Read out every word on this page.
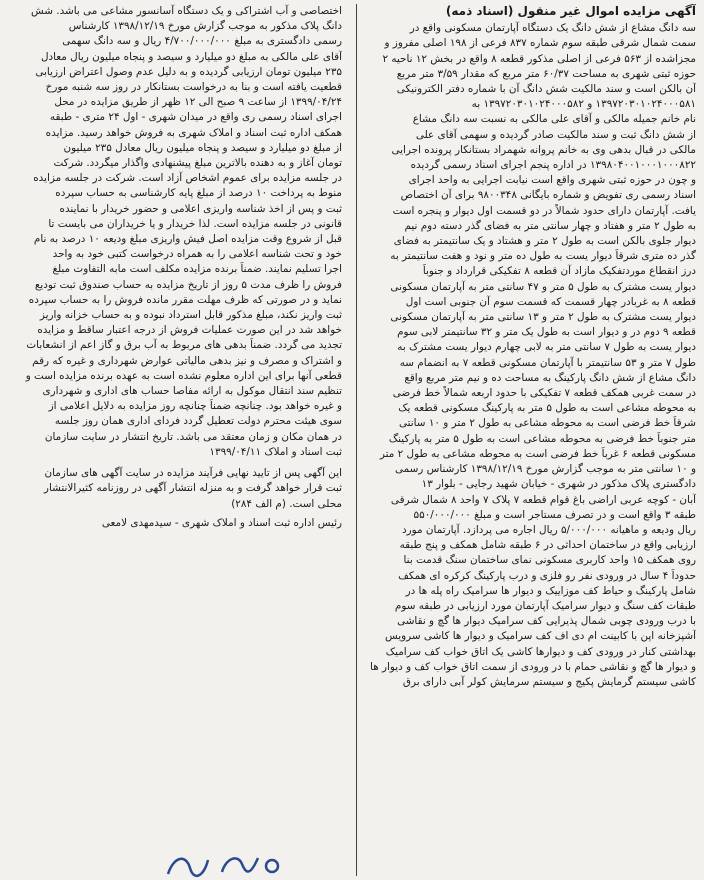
آگهی مزایده اموال غیر منقول (اسناد ذمه)
سه دانگ مشاع از شش دانگ یک دستگاه آپارتمان مسکونی واقع در
سمت شمال شرقی طبقه سوم شماره ۸۳۷ فرعی از ۱۹۸ اصلی مفروز و
مجزاشده از ۵۶۳ فرعی از اصلی مذکور قطعه ۸ واقع در بخش ۱۲ ناحیه ۲
حوزه ثبتی شهری به مساحت ۶۰/۳۷ متر مربع که مقدار ۳/۵۹ متر مربع
آن بالکن است و سند مالکیت شش دانگ آن با شماره دفتر الکترونیکی
۱۳۹۷۲۰۳۰۱۰۲۴۰۰۰۵۸۱ و ۱۳۹۷۲۰۳۰۱۰۲۴۰۰۰۵۸۲ به
نام خانم جمیله مالکی و آقای علی مالکی به نسبت سه دانگ مشاع
از شش دانگ ثبت و سند مالکیت صادر گردیده و سهمی آقای علی
مالکی در قبال بدهی وی به خانم پروانه شهمراد بستانکار پرونده اجرایی
۱۳۹۸۰۴۰۰۱۰۰۰۱۰۰۰۸۲۲ در اداره پنجم اجرای اسناد رسمی گردیده
و چون در حوزه ثبتی شهری واقع است نیابت اجرایی به واحد اجرای
اسناد رسمی ری تفویض و شماره بایگانی ۹۸۰۰۳۴۸ برای آن اختصاص
یافت. آپارتمان دارای حدود شمالاً در دو قسمت اول دیوار و پنجره است
به طول ۲ متر و هفتاد و چهار سانتی متر به فضای گذر دسته دوم نیم
دیوار جلوی بالکن است به طول ۲ متر و هشتاد و یک سانتیمتر به فضای
گذر ده متری شرقاً دیوار یست به طول ده متر و نود و هفت سانتیمتر به
درز انقطاع موردتفکیک مازاد آن قطعه ۸ تفکیکی قرارداد و جنوباً
دیوار یست مشترک به طول ۵ متر و ۴۷ سانتی متر به آپارتمان مسکونی
قطعه ۸ به غربادر چهار قسمت که قسمت سوم آن جنوبی است اول
دیوار یست مشترک به طول ۲ متر و ۱۳ سانتی متر به آپارتمان مسکونی
قطعه ۹ دوم در و دیوار است به طول یک متر و ۳۲ سانتیمتر لابی سوم
دیوار یست به طول ۷ سانتی متر به لابی چهارم دیوار یست مشترک به
طول ۷ متر و ۵۳ سانتیمتر با آپارتمان مسکونی قطعه ۷ به انضمام سه
دانگ مشاع از شش دانگ پارکینگ به مساحت ده و نیم متر مربع واقع
در سمت غربی همکف قطعه ۷ تفکیکی با حدود اربعه شمالاً خط فرضی
به محوطه مشاعی است به طول ۵ متر به پارکینگ مسکونی قطعه یک
شرقاً خط فرضی است به محوطه مشاعی به طول ۲ متر و ۱۰ سانتی
متر جنوباً خط فرضی به محوطه مشاعی است به طول ۵ متر به پارکینگ
مسکونی قطعه ۶ غرباً خط فرضی است به محوطه مشاعی به طول ۲ متر
و ۱۰ سانتی متر به موجب گزارش مورخ ۱۳۹۸/۱۲/۱۹ کارشناس رسمی
دادگستری پلاک مذکور در شهری - خیابان شهید رجایی - بلوار ۱۳
آبان - کوچه عربی اراضی باغ قوام قطعه ۷ پلاک ۷ واحد ۸ شمال شرقی
طبقه ۳ واقع است و در تصرف مستاجر است و مبلغ ۵۵۰/۰۰۰/۰۰۰
ریال ودیعه و ماهیانه ۵/۰۰۰/۰۰۰ ریال اجاره می پردازد. آپارتمان مورد
ارزیابی واقع در ساختمان احداثی در ۶ طبقه شامل همکف و پنج طبقه
روی همکف ۱۵ واحد کاربری مسکونی نمای ساختمان سنگ قدمت بنا
حدوداً ۴ سال در ورودی نفر رو فلزی و درب پارکینگ کرکره ای همکف
شامل پارکینگ و حیاط کف موزاییک و دیوار ها سرامیک راه پله ها در
طبقات کف سنگ و دیوار سرامیک آپارتمان مورد ارزیابی در طبقه سوم
با درب ورودی چوبی شمال پذیرایی کف سرامیک دیوار ها گچ و نقاشی
آشپزخانه اپن با کابینت ام دی اف کف سرامیک و دیوار ها کاشی سرویس
بهداشتی کنار در ورودی کف و دیوارها کاشی یک اتاق خواب کف سرامیک
و دیوار ها گچ و نقاشی حمام با در ورودی از سمت اتاق خواب کف و دیوار ها
کاشی سیستم گرمایش پکیج و سیستم سرمایش کولر آبی دارای برق
اختصاصی و آب اشتراکی و یک دستگاه آسانسور مشاعی می باشد. شش
دانگ پلاک مذکور به موجب گزارش مورخ ۱۳۹۸/۱۲/۱۹ کارشناس
رسمی دادگستری به مبلغ ۴/۷۰۰/۰۰۰/۰۰۰ ریال و سه دانگ سهمی
آقای علی مالکی به مبلغ دو میلیارد و سیصد و پنجاه میلیون ریال معادل
۲۳۵ میلیون تومان ارزیابی گردیده و به دلیل عدم وصول اعتراض ارزیابی
قطعیت یافته است و بنا به درخواست بستانکار در روز سه شنبه مورخ
۱۳۹۹/۰۴/۲۴ از ساعت ۹ صبح الی ۱۲ ظهر از طریق مزایده در محل
اجرای اسناد رسمی ری واقع در میدان شهری - اول ۲۴ متری - طبقه
همکف اداره ثبت اسناد و املاک شهری به فروش خواهد رسید. مزایده
از مبلغ دو میلیارد و سیصد و پنجاه میلیون ریال معادل ۲۳۵ میلیون
تومان آغاز و به دهنده بالاترین مبلغ پیشنهادی واگذار میگردد. شرکت
در جلسه مزایده برای عموم اشخاص آزاد است. شرکت در جلسه مزایده
منوط به پرداخت ۱۰ درصد از مبلغ پایه کارشناسی به حساب سپرده
ثبت و پس از اخذ شناسه واریزی اعلامی و حضور خریدار با نماینده
قانونی در جلسه مزایده است. لذا خریدار و یا خریداران می بایست تا
قبل از شروع وقت مزایده اصل فیش واریزی مبلغ ودیعه ۱۰ درصد به نام
خود و تحت شناسه اعلامی را به همراه درخواست کتبی خود به واحد
اجرا تسلیم نمایند. ضمناً برنده مزایده مکلف است مابه التفاوت مبلغ
فروش را ظرف مدت ۵ روز از تاریخ مزایده به حساب صندوق ثبت تودیع
نماید و در صورتی که ظرف مهلت مقرر مانده فروش را به حساب سپرده
ثبت واریز نکند، مبلغ مذکور قابل استرداد نبوده و به حساب خزانه واریز
خواهد شد در این صورت عملیات فروش از درجه اعتبار ساقط و مزایده
تجدید می گردد. ضمناً بدهی های مربوط به آب برق و گاز اعم از انشعابات
و اشتراک و مصرف و نیز بدهی مالیاتی عوارض شهرداری و غیره که رقم
قطعی آنها برای این اداره معلوم نشده است به عهده برنده مزایده است و
تنظیم سند انتقال موکول به ارائه مفاصا حساب های اداری و شهرداری
و غیره خواهد بود. چنانچه ضمناً چنانچه روز مزایده به دلایل اعلامی از
سوی هیئت محترم دولت تعطیل گردد فردای اداری همان روز جلسه
در همان مکان و زمان معتقد می باشد. تاریخ انتشار در سایت سازمان
ثبت اسناد و املاک ۱۳۹۹/۰۴/۱۱
این آگهی پس از تایید نهایی فرآیند مزایده در سایت آگهی های سازمان
ثبت قرار خواهد گرفت و به منزله انتشار آگهی در روزنامه کثیرالانتشار
محلی است. (م الف ۲۸۴)
رئیس اداره ثبت اسناد و املاک شهری - سیدمهدی لامعی
